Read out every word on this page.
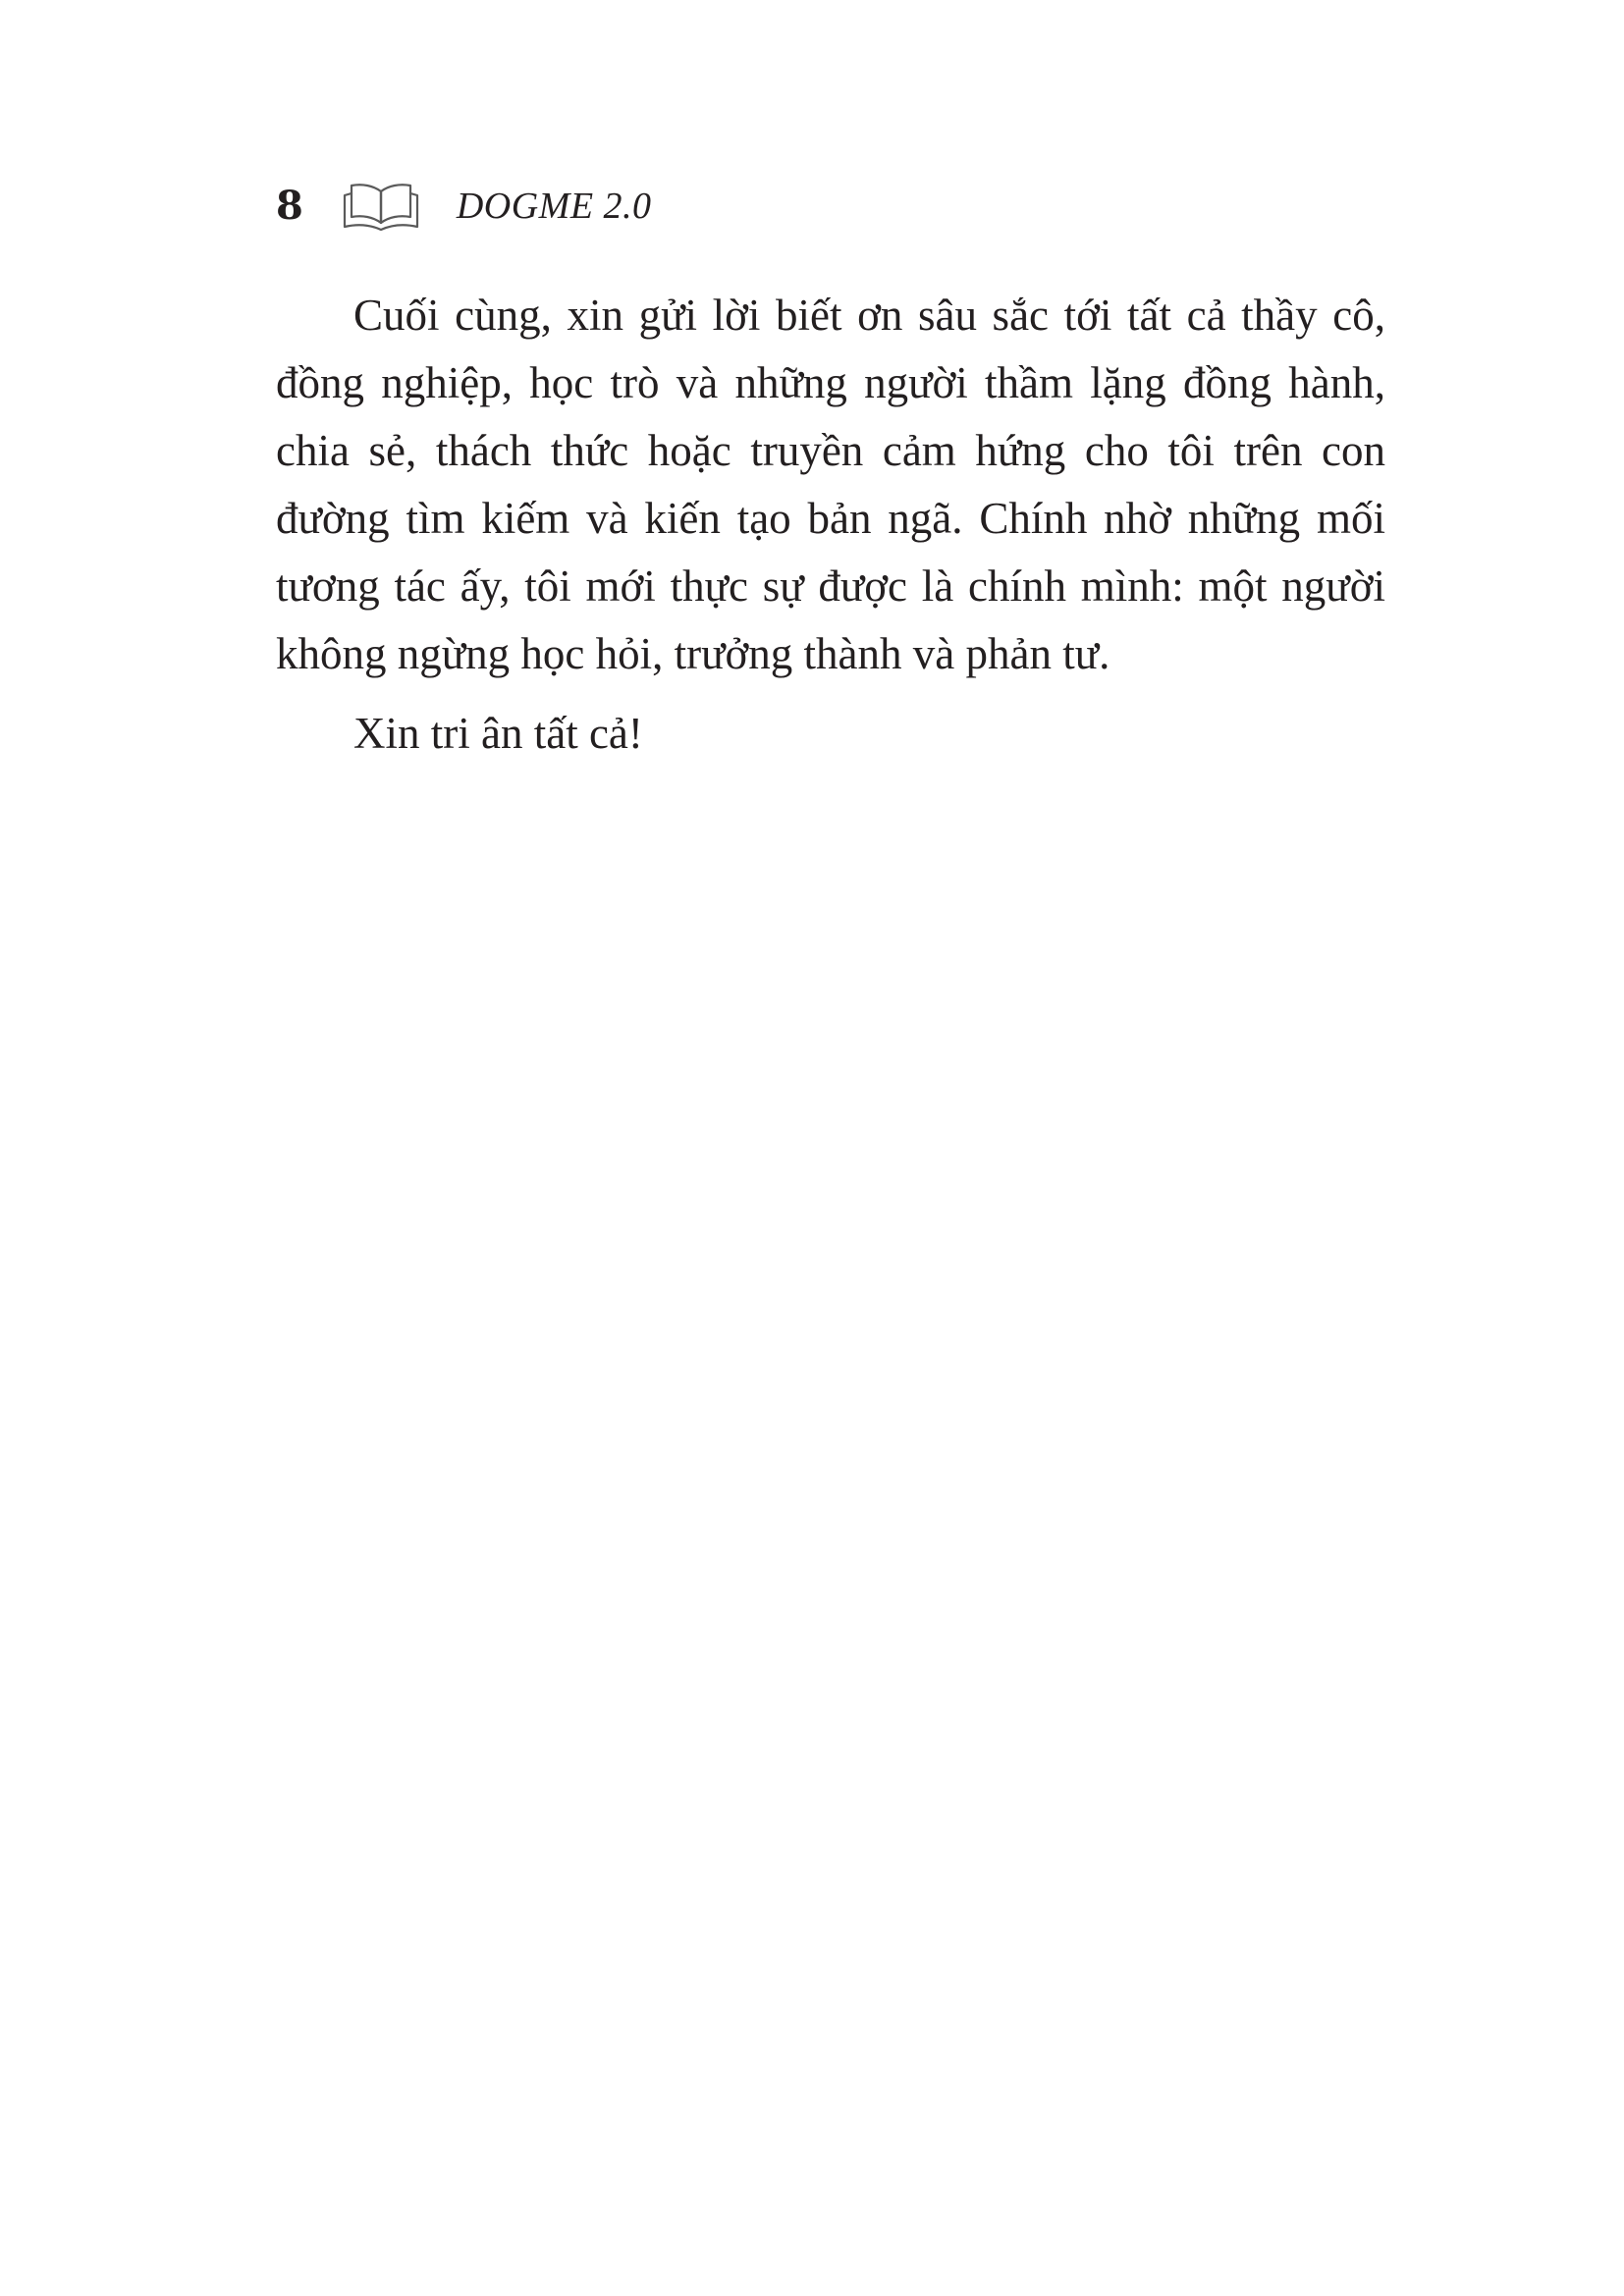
8	DOGME 2.0

Cuối cùng, xin gửi lời biết ơn sâu sắc tới tất cả thầy cô, đồng nghiệp, học trò và những người thầm lặng đồng hành, chia sẻ, thách thức hoặc truyền cảm hứng cho tôi trên con đường tìm kiếm và kiến tạo bản ngã. Chính nhờ những mối tương tác ấy, tôi mới thực sự được là chính mình: một người không ngừng học hỏi, trưởng thành và phản tư.

Xin tri ân tất cả!
